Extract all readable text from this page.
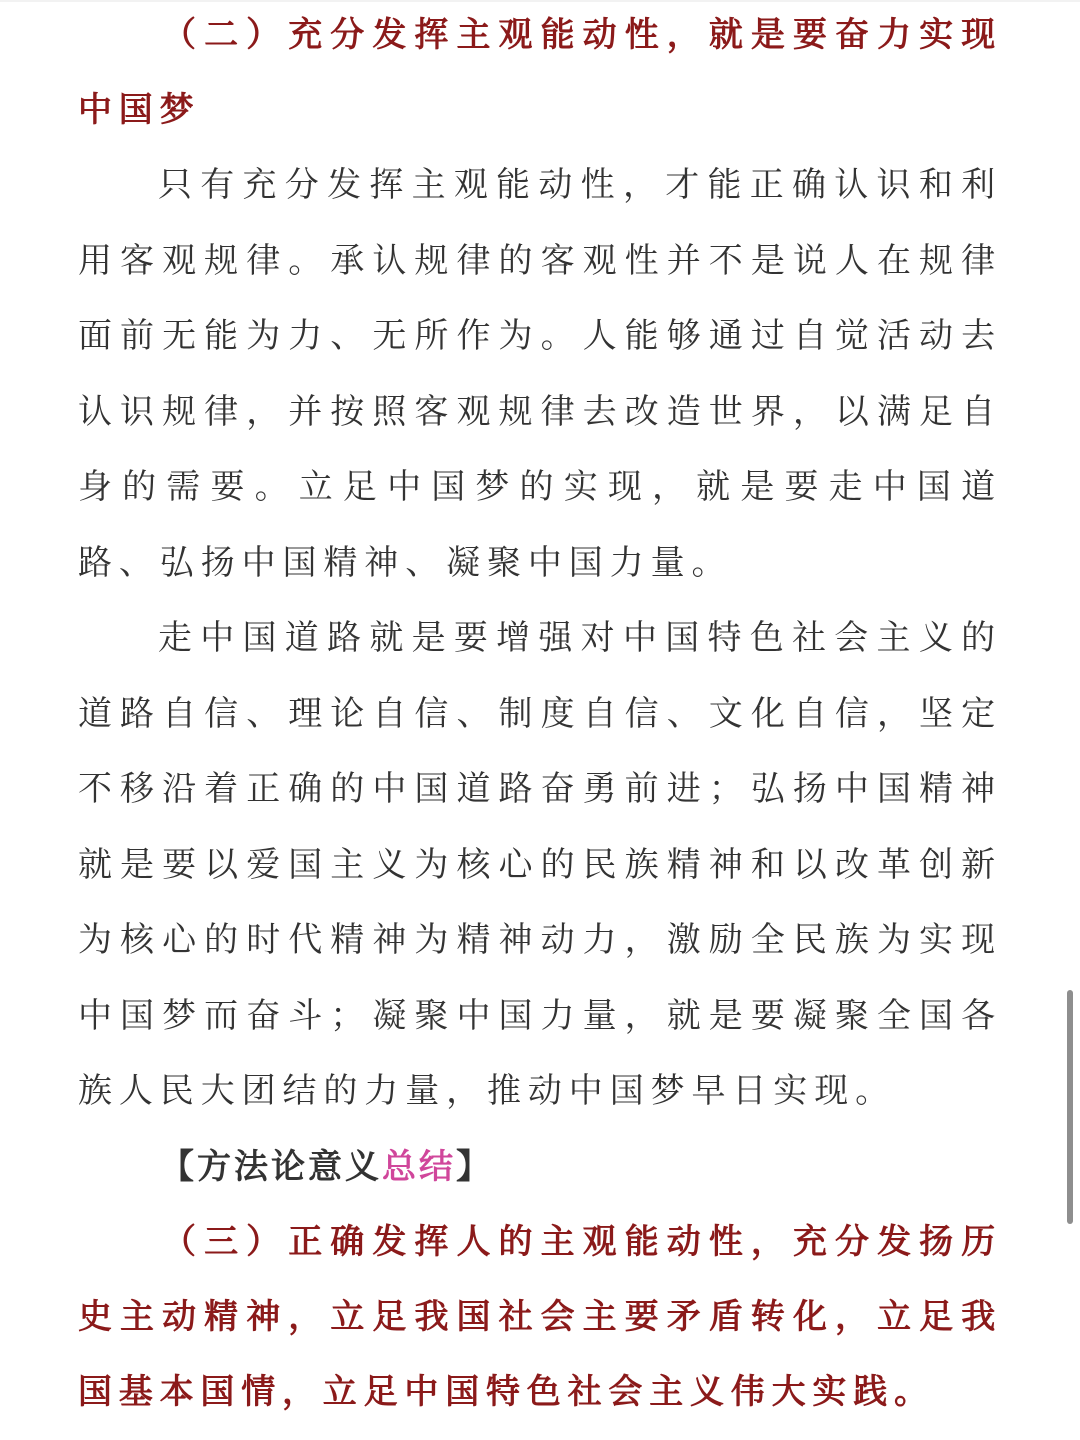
（二）充分发挥主观能动性，就是要奋力实现中国梦

只有充分发挥主观能动性，才能正确认识和利用客观规律。承认规律的客观性并不是说人在规律面前无能为力、无所作为。人能够通过自觉活动去认识规律，并按照客观规律去改造世界，以满足自身的需要。立足中国梦的实现，就是要走中国道路、弘扬中国精神、凝聚中国力量。

走中国道路就是要增强对中国特色社会主义的道路自信、理论自信、制度自信、文化自信，坚定不移沿着正确的中国道路奋勇前进；弘扬中国精神就是要以爱国主义为核心的民族精神和以改革创新为核心的时代精神为精神动力，激励全民族为实现中国梦而奋斗；凝聚中国力量，就是要凝聚全国各族人民大团结的力量，推动中国梦早日实现。

【方法论意义总结】

（三）正确发挥人的主观能动性，充分发扬历史主动精神，立足我国社会主要矛盾转化，立足我国基本国情，立足中国特色社会主义伟大实践。
